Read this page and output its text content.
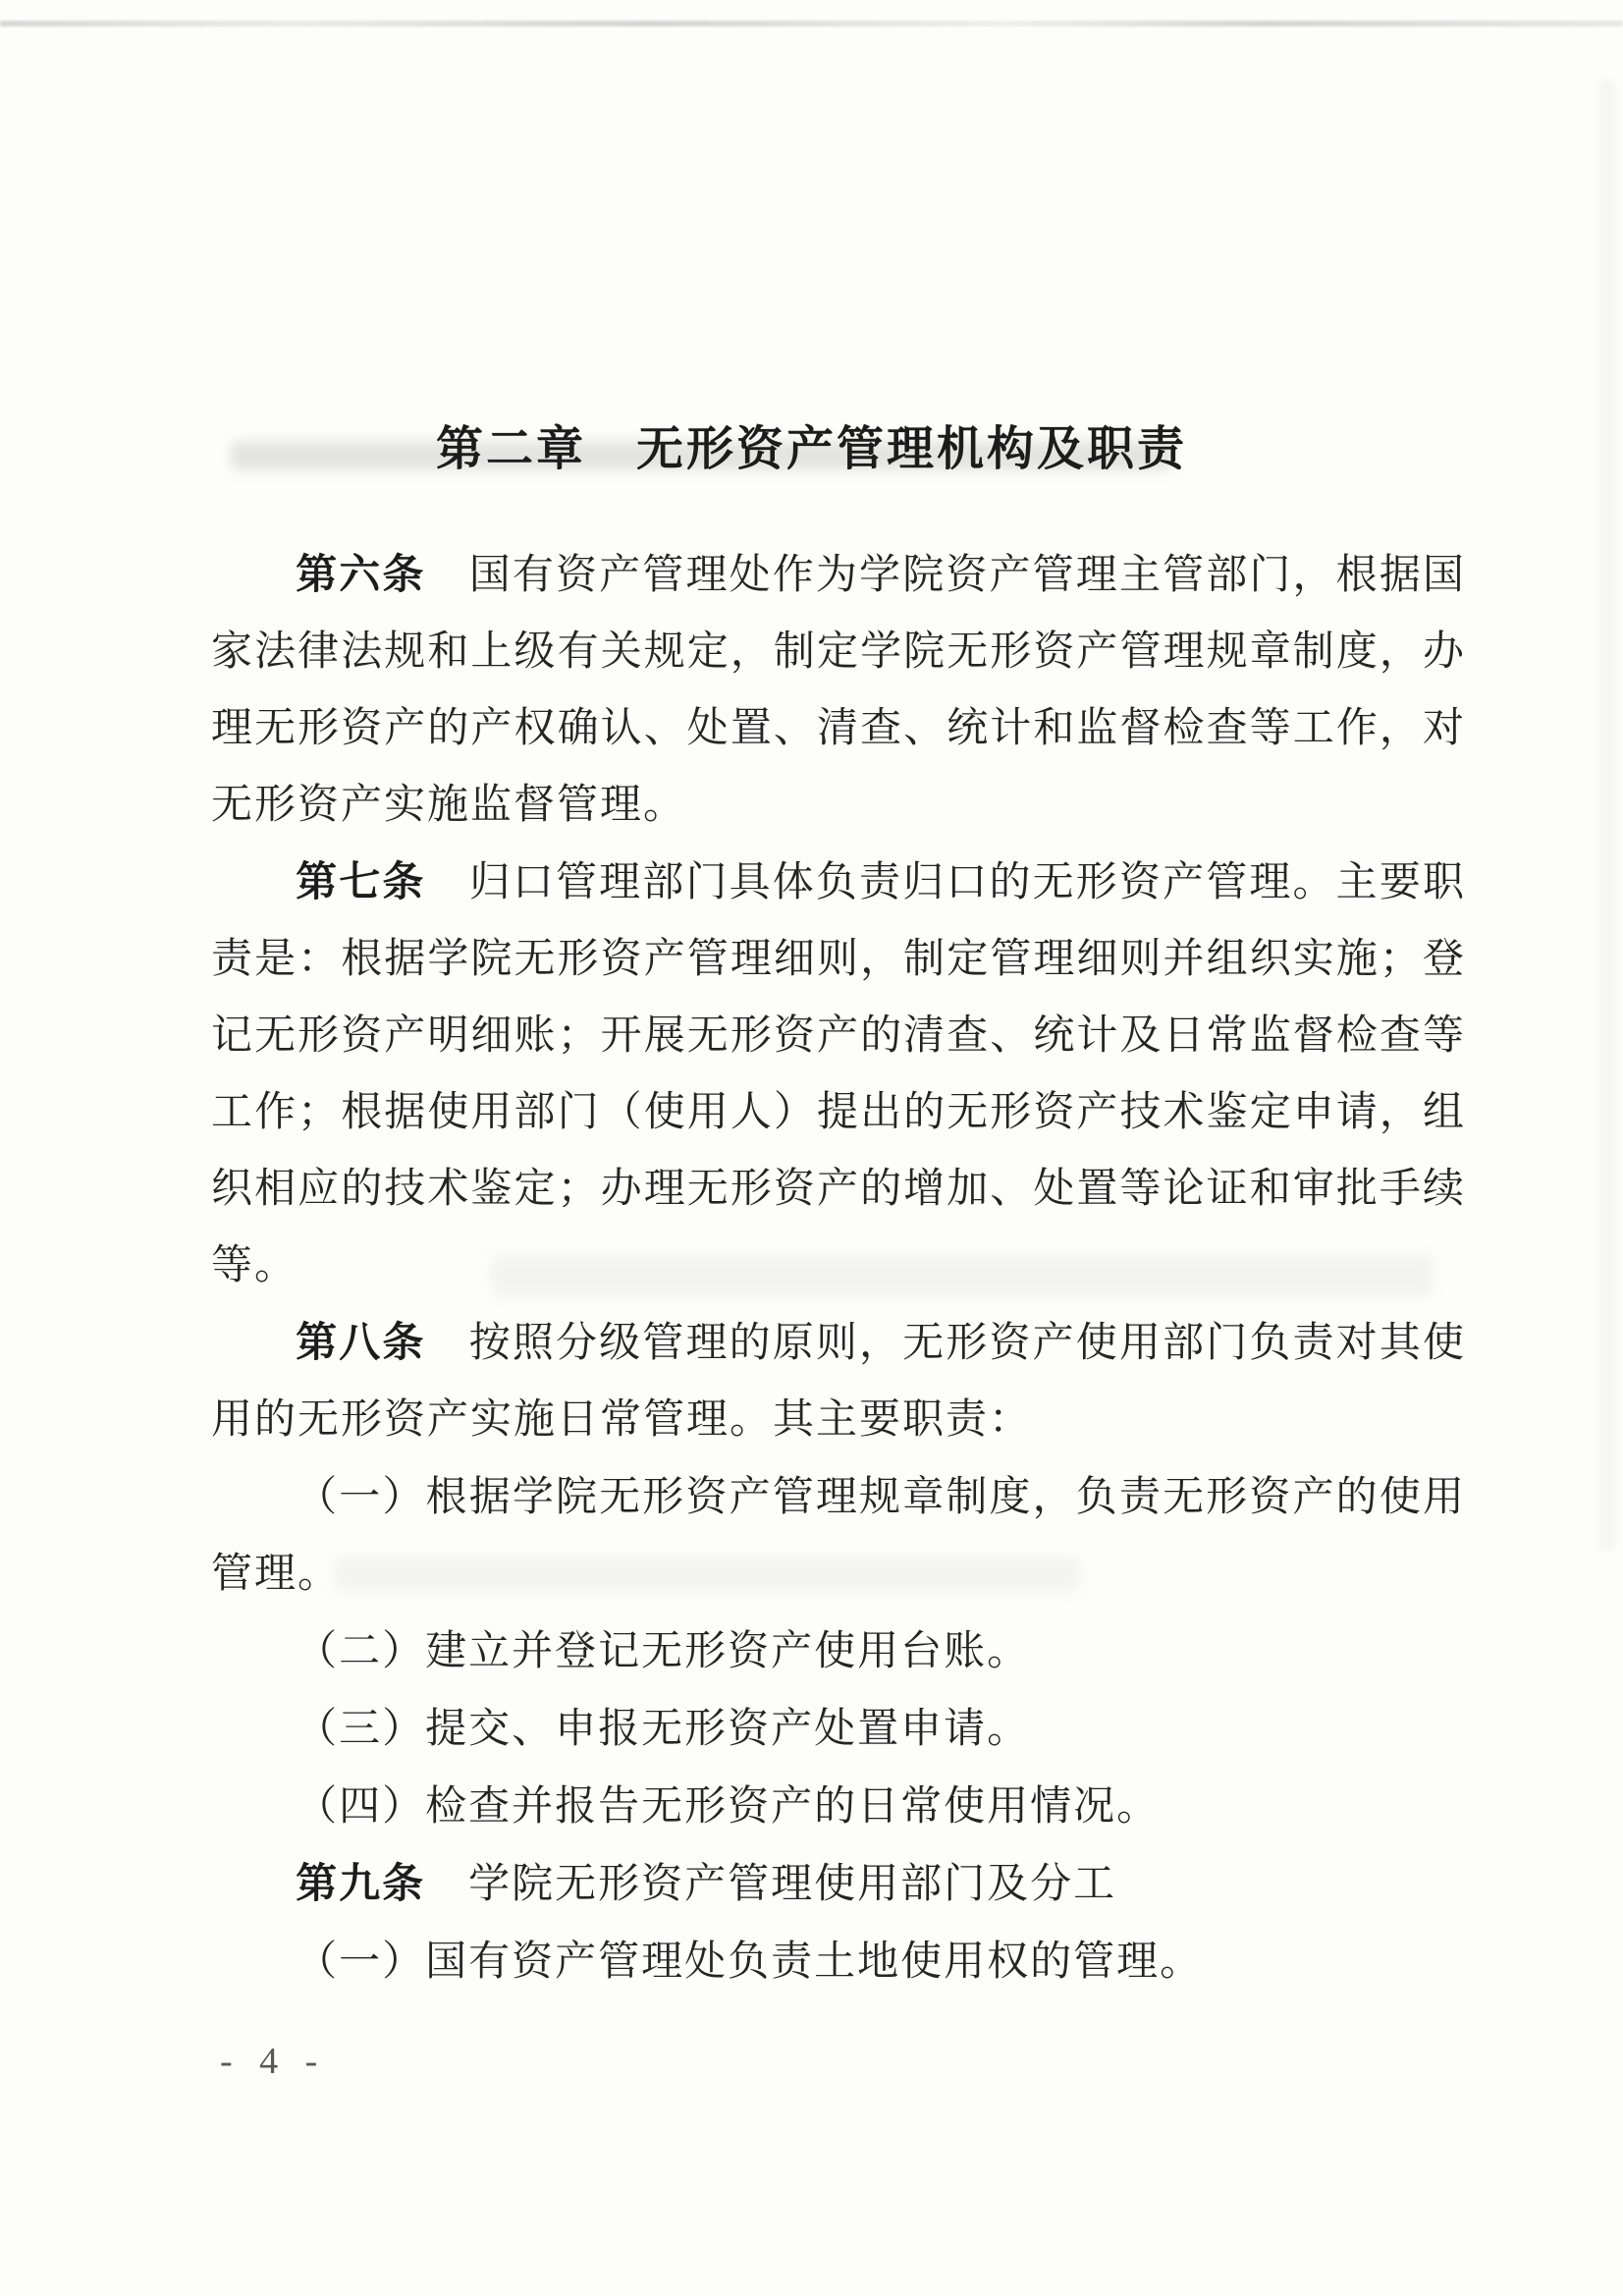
第二章　无形资产管理机构及职责

第六条　国有资产管理处作为学院资产管理主管部门，根据国家法律法规和上级有关规定，制定学院无形资产管理规章制度，办理无形资产的产权确认、处置、清查、统计和监督检查等工作，对无形资产实施监督管理。

第七条　归口管理部门具体负责归口的无形资产管理。主要职责是：根据学院无形资产管理细则，制定管理细则并组织实施；登记无形资产明细账；开展无形资产的清查、统计及日常监督检查等工作；根据使用部门（使用人）提出的无形资产技术鉴定申请，组织相应的技术鉴定；办理无形资产的增加、处置等论证和审批手续等。

第八条　按照分级管理的原则，无形资产使用部门负责对其使用的无形资产实施日常管理。其主要职责：

（一）根据学院无形资产管理规章制度，负责无形资产的使用管理。

（二）建立并登记无形资产使用台账。

（三）提交、申报无形资产处置申请。

（四）检查并报告无形资产的日常使用情况。

第九条　学院无形资产管理使用部门及分工

（一）国有资产管理处负责土地使用权的管理。

- 4 -
